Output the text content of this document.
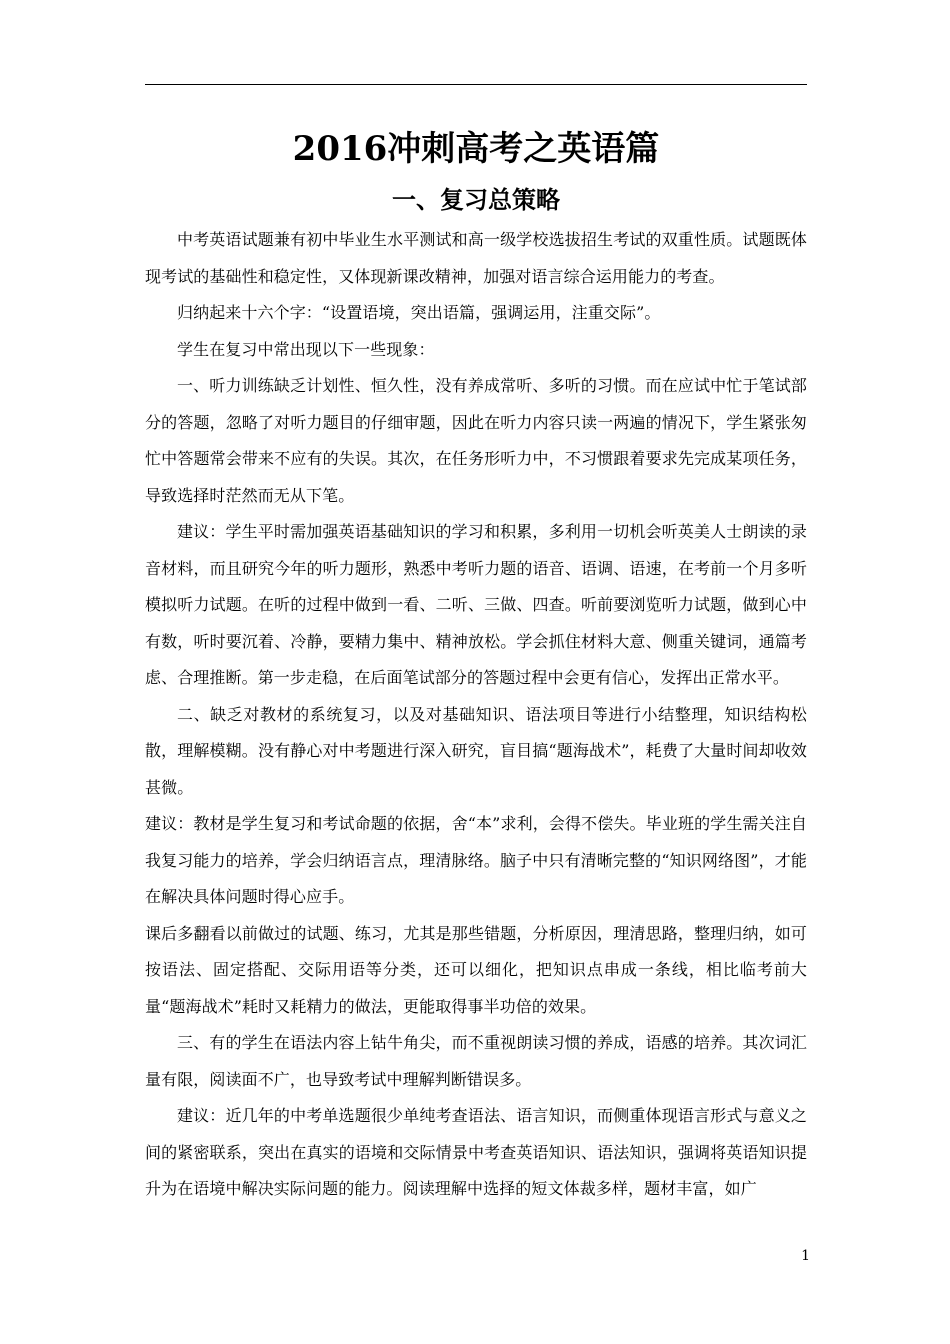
2016冲刺高考之英语篇
一、复习总策略

中考英语试题兼有初中毕业生水平测试和高一级学校选拔招生考试的双重性质。试题既体现考试的基础性和稳定性，又体现新课改精神，加强对语言综合运用能力的考查。

归纳起来十六个字：“设置语境，突出语篇，强调运用，注重交际”。

学生在复习中常出现以下一些现象：

一、听力训练缺乏计划性、恒久性，没有养成常听、多听的习惯。而在应试中忙于笔试部分的答题，忽略了对听力题目的仔细审题，因此在听力内容只读一两遍的情况下，学生紧张匆忙中答题常会带来不应有的失误。其次，在任务形听力中，不习惯跟着要求先完成某项任务，导致选择时茫然而无从下笔。

建议：学生平时需加强英语基础知识的学习和积累，多利用一切机会听英美人士朗读的录音材料，而且研究今年的听力题形，熟悉中考听力题的语音、语调、语速，在考前一个月多听模拟听力试题。在听的过程中做到一看、二听、三做、四查。听前要浏览听力试题，做到心中有数，听时要沉着、冷静，要精力集中、精神放松。学会抓住材料大意、侧重关键词，通篇考虑、合理推断。第一步走稳，在后面笔试部分的答题过程中会更有信心，发挥出正常水平。

二、缺乏对教材的系统复习，以及对基础知识、语法项目等进行小结整理，知识结构松散，理解模糊。没有静心对中考题进行深入研究，盲目搞“题海战术”，耗费了大量时间却收效甚微。

建议：教材是学生复习和考试命题的依据，舍“本”求利，会得不偿失。毕业班的学生需关注自我复习能力的培养，学会归纳语言点，理清脉络。脑子中只有清晰完整的“知识网络图”，才能在解决具体问题时得心应手。

课后多翻看以前做过的试题、练习，尤其是那些错题，分析原因，理清思路，整理归纳，如可按语法、固定搭配、交际用语等分类，还可以细化，把知识点串成一条线，相比临考前大量“题海战术”耗时又耗精力的做法，更能取得事半功倍的效果。

三、有的学生在语法内容上钻牛角尖，而不重视朗读习惯的养成，语感的培养。其次词汇量有限，阅读面不广，也导致考试中理解判断错误多。

建议：近几年的中考单选题很少单纯考查语法、语言知识，而侧重体现语言形式与意义之间的紧密联系，突出在真实的语境和交际情景中考查英语知识、语法知识，强调将英语知识提升为在语境中解决实际问题的能力。阅读理解中选择的短文体裁多样，题材丰富，如广

1
